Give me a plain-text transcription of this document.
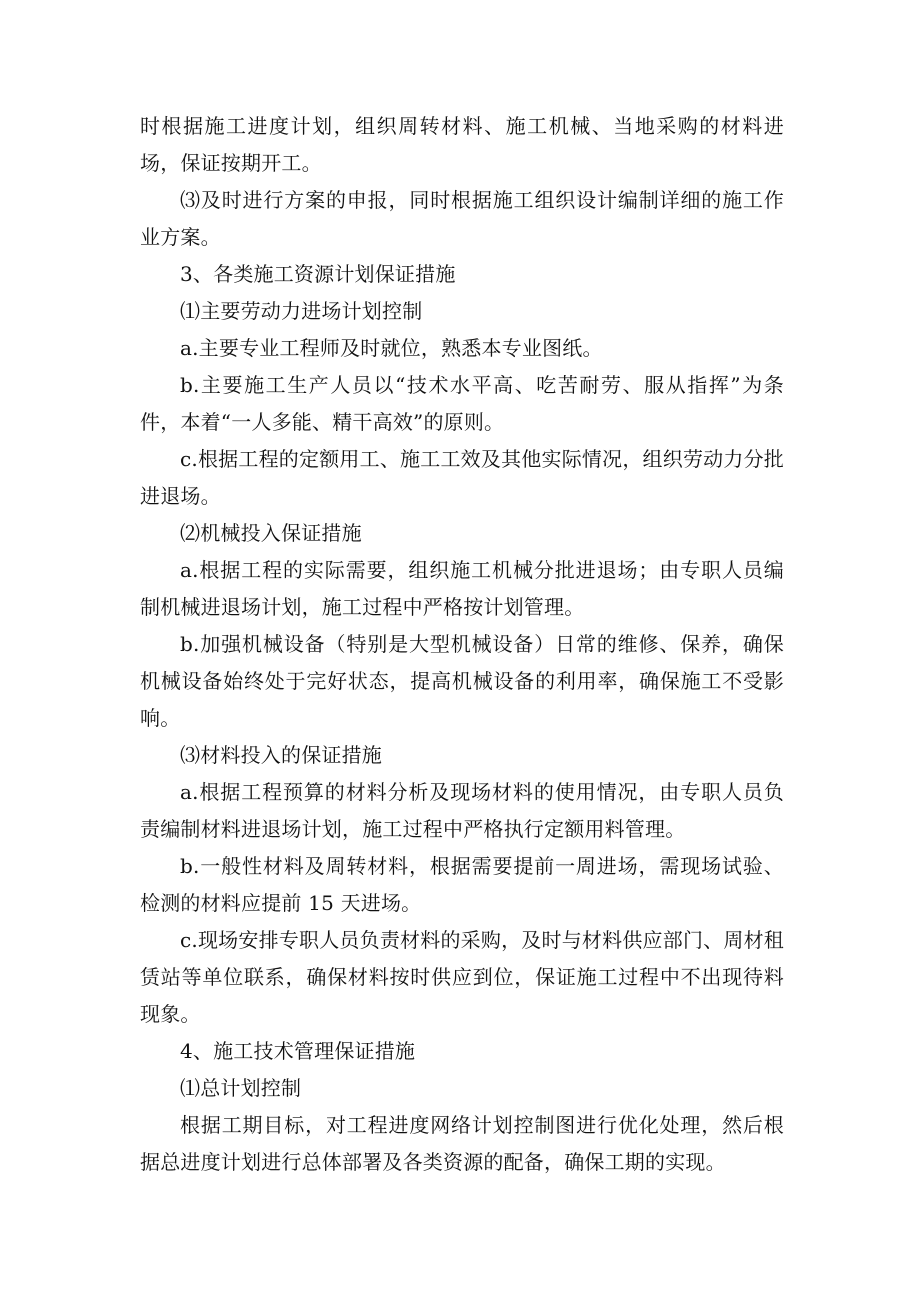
时根据施工进度计划，组织周转材料、施工机械、当地采购的材料进场，保证按期开工。

⑶及时进行方案的申报，同时根据施工组织设计编制详细的施工作业方案。

3、各类施工资源计划保证措施

⑴主要劳动力进场计划控制

a.主要专业工程师及时就位，熟悉本专业图纸。

b.主要施工生产人员以“技术水平高、吃苦耐劳、服从指挥”为条件，本着“一人多能、精干高效”的原则。

c.根据工程的定额用工、施工工效及其他实际情况，组织劳动力分批进退场。

⑵机械投入保证措施

a.根据工程的实际需要，组织施工机械分批进退场；由专职人员编制机械进退场计划，施工过程中严格按计划管理。

b.加强机械设备（特别是大型机械设备）日常的维修、保养，确保机械设备始终处于完好状态，提高机械设备的利用率，确保施工不受影响。

⑶材料投入的保证措施

a.根据工程预算的材料分析及现场材料的使用情况，由专职人员负责编制材料进退场计划，施工过程中严格执行定额用料管理。

b.一般性材料及周转材料，根据需要提前一周进场，需现场试验、检测的材料应提前 15 天进场。

c.现场安排专职人员负责材料的采购，及时与材料供应部门、周材租赁站等单位联系，确保材料按时供应到位，保证施工过程中不出现待料现象。

4、施工技术管理保证措施

⑴总计划控制

根据工期目标，对工程进度网络计划控制图进行优化处理，然后根据总进度计划进行总体部署及各类资源的配备，确保工期的实现。
